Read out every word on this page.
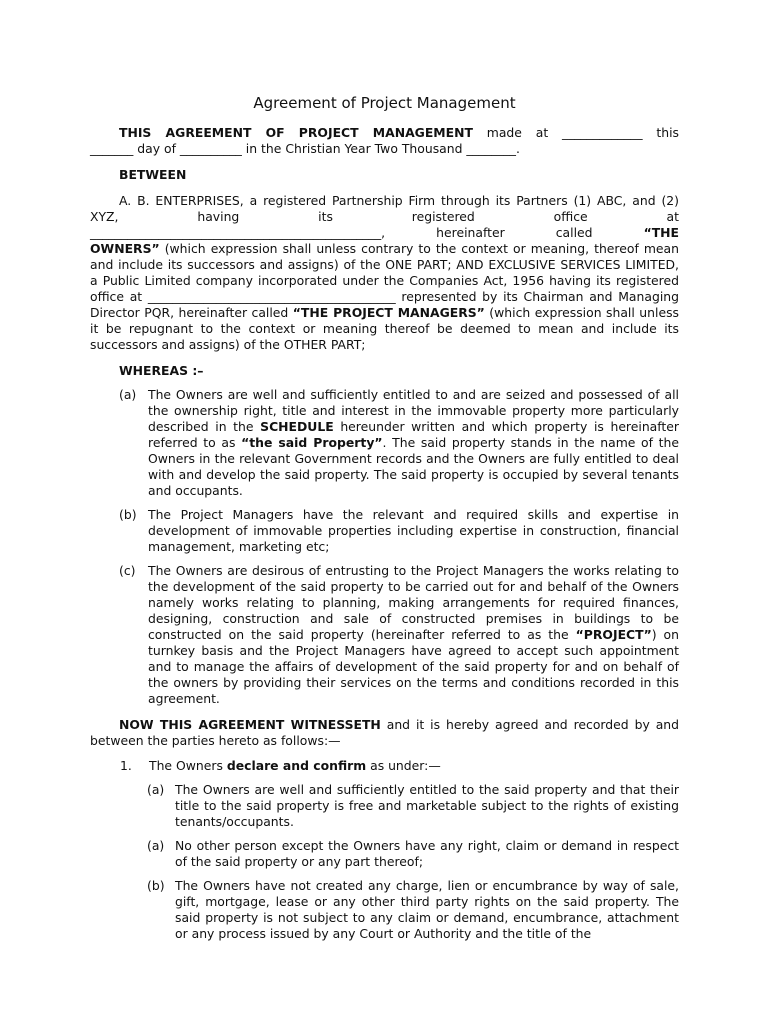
Agreement of Project Management

THIS AGREEMENT OF PROJECT MANAGEMENT made at _____________ this

_______ day of __________ in the Christian Year Two Thousand ________.

BETWEEN

A. B. ENTERPRISES, a registered Partnership Firm through its Partners (1) ABC, and (2) XYZ, having its registered office at

_______________________________________________, hereinafter called “THE

OWNERS” (which expression shall unless contrary to the context or meaning, thereof mean and include its successors and assigns) of the ONE PART; AND EXCLUSIVE SERVICES LIMITED, a Public Limited company incorporated under the Companies Act, 1956 having its registered office at ________________________________________ represented by its Chairman and Managing Director PQR, hereinafter called “THE PROJECT MANAGERS” (which expression shall unless it be repugnant to the context or meaning thereof be deemed to mean and include its successors and assigns) of the OTHER PART;

WHEREAS :–

(a) The Owners are well and sufficiently entitled to and are seized and possessed of all the ownership right, title and interest in the immovable property more particularly described in the SCHEDULE hereunder written and which property is hereinafter referred to as “the said Property”. The said property stands in the name of the Owners in the relevant Government records and the Owners are fully entitled to deal with and develop the said property. The said property is occupied by several tenants and occupants.
(b) The Project Managers have the relevant and required skills and expertise in development of immovable properties including expertise in construction, financial management, marketing etc;
(c)	The Owners are desirous of entrusting to the Project Managers the works relating to the development of the said property to be carried out for and behalf of the Owners namely works relating to planning, making arrangements for required finances, designing, construction and sale of constructed premises in buildings to be constructed on the said property (hereinafter referred to as the “PROJECT”) on turnkey basis and the Project Managers have agreed to accept such appointment and to manage the affairs of development of the said property for and on behalf of the owners by providing their services on the terms and conditions recorded in this agreement.

NOW THIS AGREEMENT WITNESSETH and it is hereby agreed and recorded by and between the parties hereto as follows:—

1.	The Owners declare and confirm as under:—
(a) The Owners are well and sufficiently entitled to the said property and that their title to the said property is free and marketable subject to the rights of existing tenants/occupants.
(a) No other person except the Owners have any right, claim or demand in respect of the said property or any part thereof;
(b) The Owners have not created any charge, lien or encumbrance by way of sale, gift, mortgage, lease or any other third party rights on the said property. The said property is not subject to any claim or demand, encumbrance, attachment or any process issued by any Court or Authority and the title of the
